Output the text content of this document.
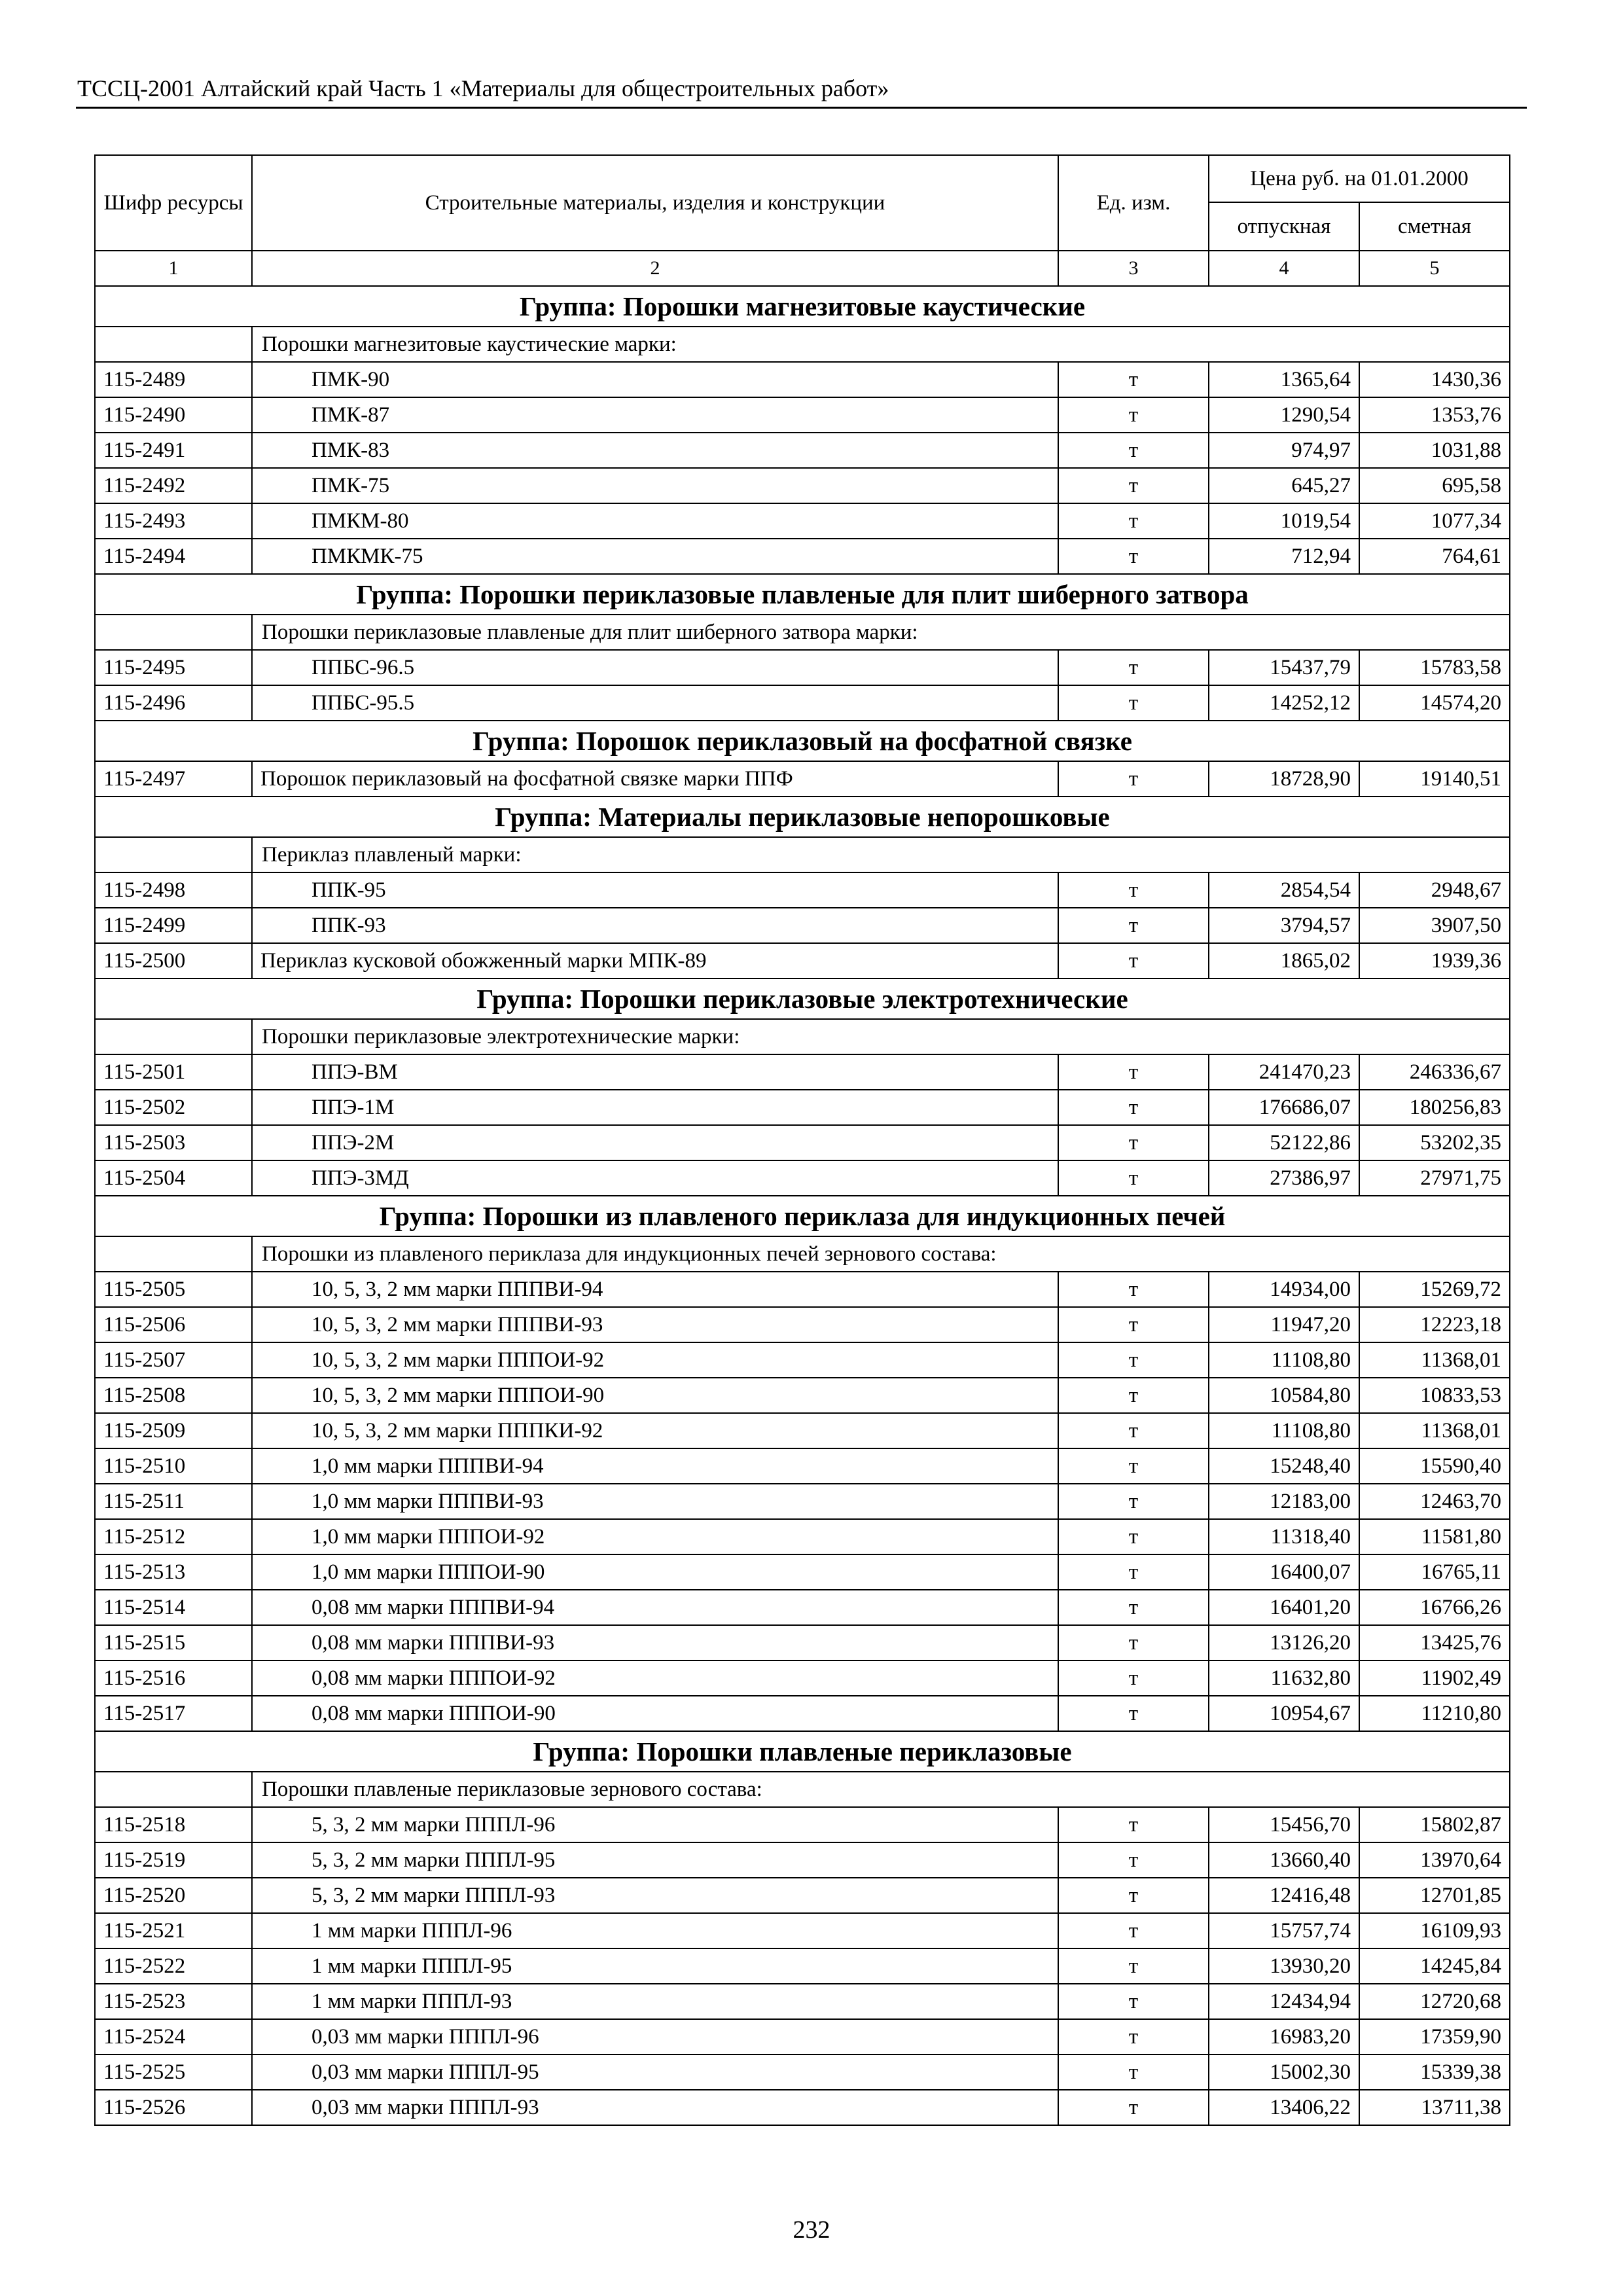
ТССЦ-2001 Алтайский край Часть 1 «Материалы для общестроительных работ»
Шифр ресурсы	Строительные материалы, изделия и конструкции	Ед. изм.	Цена руб. на 01.01.2000	
			отпускная	сметная
1	2	3	4	5
Группа: Порошки магнезитовые каустические				
	Порошки магнезитовые каустические марки:			
115-2489	ПМК-90	т	1365,64	1430,36
115-2490	ПМК-87	т	1290,54	1353,76
115-2491	ПМК-83	т	974,97	1031,88
115-2492	ПМК-75	т	645,27	695,58
115-2493	ПМКМ-80	т	1019,54	1077,34
115-2494	ПМКМК-75	т	712,94	764,61
Группа: Порошки периклазовые плавленые для плит шиберного затвора				
	Порошки периклазовые плавленые для плит шиберного затвора марки:			
115-2495	ППБС-96.5	т	15437,79	15783,58
115-2496	ППБС-95.5	т	14252,12	14574,20
Группа: Порошок периклазовый на фосфатной связке				
115-2497	Порошок периклазовый на фосфатной связке марки ППФ	т	18728,90	19140,51
Группа: Материалы периклазовые непорошковые				
	Периклаз плавленый марки:			
115-2498	ППК-95	т	2854,54	2948,67
115-2499	ППК-93	т	3794,57	3907,50
115-2500	Периклаз кусковой обожженный марки МПК-89	т	1865,02	1939,36
Группа: Порошки периклазовые электротехнические				
	Порошки периклазовые электротехнические марки:			
115-2501	ППЭ-ВМ	т	241470,23	246336,67
115-2502	ППЭ-1М	т	176686,07	180256,83
115-2503	ППЭ-2М	т	52122,86	53202,35
115-2504	ППЭ-3МД	т	27386,97	27971,75
Группа: Порошки из плавленого периклаза для индукционных печей				
	Порошки из плавленого периклаза для индукционных печей зернового состава:			
115-2505	10, 5, 3, 2 мм марки ПППВИ-94	т	14934,00	15269,72
115-2506	10, 5, 3, 2 мм марки ПППВИ-93	т	11947,20	12223,18
115-2507	10, 5, 3, 2 мм марки ПППОИ-92	т	11108,80	11368,01
115-2508	10, 5, 3, 2 мм марки ПППОИ-90	т	10584,80	10833,53
115-2509	10, 5, 3, 2 мм марки ПППКИ-92	т	11108,80	11368,01
115-2510	1,0 мм марки ПППВИ-94	т	15248,40	15590,40
115-2511	1,0 мм марки ПППВИ-93	т	12183,00	12463,70
115-2512	1,0 мм марки ПППОИ-92	т	11318,40	11581,80
115-2513	1,0 мм марки ПППОИ-90	т	16400,07	16765,11
115-2514	0,08 мм марки ПППВИ-94	т	16401,20	16766,26
115-2515	0,08 мм марки ПППВИ-93	т	13126,20	13425,76
115-2516	0,08 мм марки ПППОИ-92	т	11632,80	11902,49
115-2517	0,08 мм марки ПППОИ-90	т	10954,67	11210,80
Группа: Порошки плавленые периклазовые				
	Порошки плавленые периклазовые зернового состава:			
115-2518	5, 3, 2 мм марки ПППЛ-96	т	15456,70	15802,87
115-2519	5, 3, 2 мм марки ПППЛ-95	т	13660,40	13970,64
115-2520	5, 3, 2 мм марки ПППЛ-93	т	12416,48	12701,85
115-2521	1 мм марки ПППЛ-96	т	15757,74	16109,93
115-2522	1 мм марки ПППЛ-95	т	13930,20	14245,84
115-2523	1 мм марки ПППЛ-93	т	12434,94	12720,68
115-2524	0,03 мм марки ПППЛ-96	т	16983,20	17359,90
115-2525	0,03 мм марки ПППЛ-95	т	15002,30	15339,38
115-2526	0,03 мм марки ПППЛ-93	т	13406,22	13711,38
232
